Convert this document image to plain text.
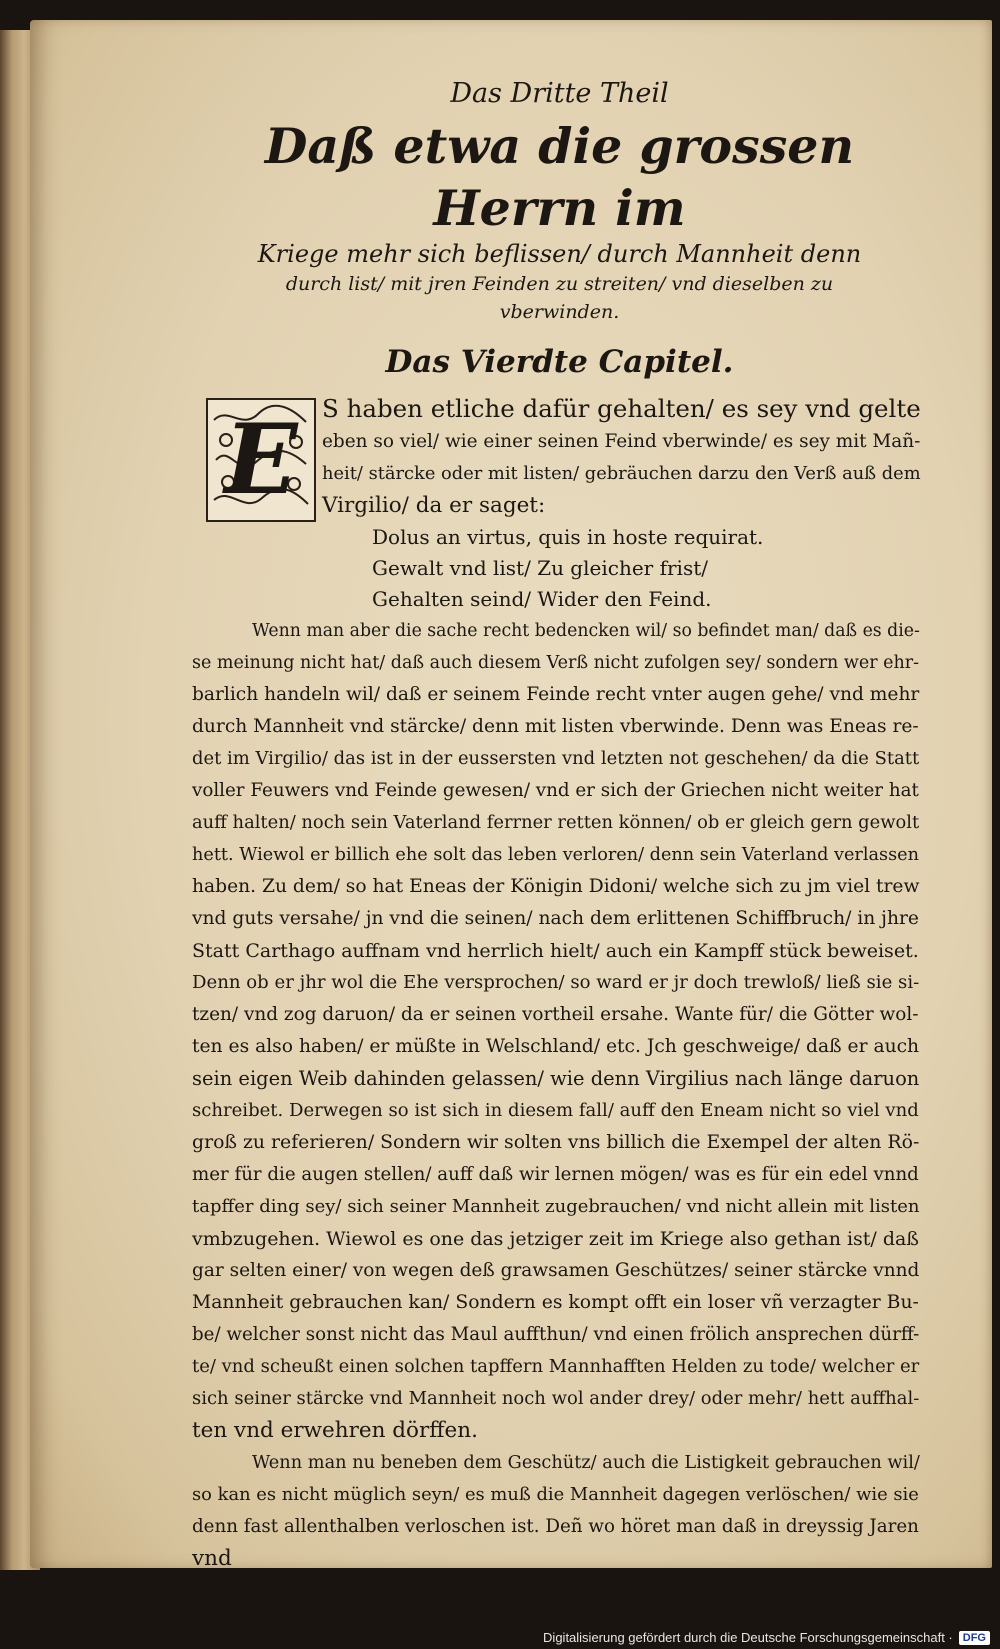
Das Dritte Theil

Daß etwa die grossen Herrn im

Kriege mehr sich beflissen/ durch Mannheit denn

durch list/ mit jren Feinden zu streiten/ vnd dieselben zu

vberwinden.

Das Vierdte Capitel.

E S haben etliche dafür gehalten/ es sey vnd gelte
eben so viel/ wie einer seinen Feind vberwinde/ es sey mit Mañ-
heit/ stärcke oder mit listen/ gebräuchen darzu den Verß auß dem
Virgilio/ da er saget:
Dolus an virtus, quis in hoste requirat.
Gewalt vnd list/ Zu gleicher frist/
Gehalten seind/ Wider den Feind.
Wenn man aber die sache recht bedencken wil/ so befindet man/ daß es die-
se meinung nicht hat/ daß auch diesem Verß nicht zufolgen sey/ sondern wer ehr-
barlich handeln wil/ daß er seinem Feinde recht vnter augen gehe/ vnd mehr
durch Mannheit vnd stärcke/ denn mit listen vberwinde. Denn was Eneas re-
det im Virgilio/ das ist in der eussersten vnd letzten not geschehen/ da die Statt
voller Feuwers vnd Feinde gewesen/ vnd er sich der Griechen nicht weiter hat
auff halten/ noch sein Vaterland ferrner retten können/ ob er gleich gern gewolt
hett. Wiewol er billich ehe solt das leben verloren/ denn sein Vaterland verlassen
haben. Zu dem/ so hat Eneas der Königin Didoni/ welche sich zu jm viel trew
vnd guts versahe/ jn vnd die seinen/ nach dem erlittenen Schiffbruch/ in jhre
Statt Carthago auffnam vnd herrlich hielt/ auch ein Kampff stück beweiset.
Denn ob er jhr wol die Ehe versprochen/ so ward er jr doch trewloß/ ließ sie si-
tzen/ vnd zog daruon/ da er seinen vortheil ersahe. Wante für/ die Götter wol-
ten es also haben/ er müßte in Welschland/ etc. Jch geschweige/ daß er auch
sein eigen Weib dahinden gelassen/ wie denn Virgilius nach länge daruon
schreibet. Derwegen so ist sich in diesem fall/ auff den Eneam nicht so viel vnd
groß zu referieren/ Sondern wir solten vns billich die Exempel der alten Rö-
mer für die augen stellen/ auff daß wir lernen mögen/ was es für ein edel vnnd
tapffer ding sey/ sich seiner Mannheit zugebrauchen/ vnd nicht allein mit listen
vmbzugehen. Wiewol es one das jetziger zeit im Kriege also gethan ist/ daß
gar selten einer/ von wegen deß grawsamen Geschützes/ seiner stärcke vnnd
Mannheit gebrauchen kan/ Sondern es kompt offt ein loser vñ verzagter Bu-
be/ welcher sonst nicht das Maul auffthun/ vnd einen frölich ansprechen dürff-
te/ vnd scheußt einen solchen tapffern Mannhafften Helden zu tode/ welcher er
sich seiner stärcke vnd Mannheit noch wol ander drey/ oder mehr/ hett auffhal-
ten vnd erwehren dörffen.
Wenn man nu beneben dem Geschütz/ auch die Listigkeit gebrauchen wil/
so kan es nicht müglich seyn/ es muß die Mannheit dagegen verlöschen/ wie sie
denn fast allenthalben verloschen ist. Deñ wo höret man daß in dreyssig Jaren
vnd
Digitalisierung gefördert durch die Deutsche Forschungsgemeinschaft · DFG
